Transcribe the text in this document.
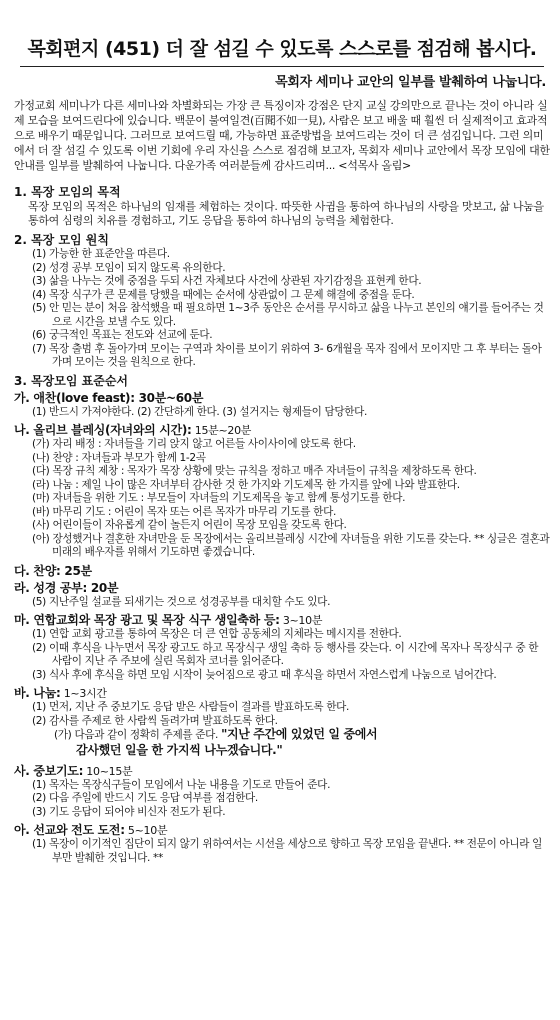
목회편지 (451) 더 잘 섬길 수 있도록 스스로를 점검해 봅시다.
목회자 세미나 교안의 일부를 발췌하여 나눕니다.
가정교회 세미나가 다른 세미나와 차별화되는 가장 큰 특징이자 강점은 단지 교실 강의만으로 끝나는 것이 아니라 실제 모습을 보여드린다에 있습니다. 백문이 불여일견(百聞不如一見), 사람은 보고 배울 때 훨씬 더 실제적이고 효과적으로 배우기 때문입니다. 그러므로 보여드릴 때, 가능하면 표준방법을 보여드리는 것이 더 큰 섬김입니다. 그런 의미에서 더 잘 섬길 수 있도록 이번 기회에 우리 자신을 스스로 점검해 보고자, 목회자 세미나 교안에서 목장 모임에 대한 안내를 일부를 발췌하여 나눕니다. 다운가족 여러분들께 감사드리며... <석목사 올림>
1. 목장 모임의 목적
목장 모임의 목적은 하나님의 임재를 체험하는 것이다. 따뜻한 사귐을 통하여 하나님의 사랑을 맛보고, 삶 나눔을 통하여 심령의 치유를 경험하고, 기도 응답을 통하여 하나님의 능력을 체험한다.
2. 목장 모임 원칙
(1) 가능한 한 표준안을 따른다.
(2) 성경 공부 모임이 되지 않도록 유의한다.
(3) 삶을 나누는 것에 중점을 두되 사건 자체보다 사건에 상관된 자기감정을 표현케 한다.
(4) 목장 식구가 큰 문제를 당했을 때에는 순서에 상관없이 그 문제 해결에 중점을 둔다.
(5) 안 믿는 분이 처음 참석했을 때 필요하면 1~3주 동안은 순서를 무시하고 삶을 나누고 본인의 얘기를 들어주는 것으로 시간을 보낼 수도 있다.
(6) 궁극적인 목표는 전도와 선교에 둔다.
(7) 목장 출범 후 돌아가며 모이는 구역과 차이를 보이기 위하여 3- 6개월을 목자 집에서 모이지만 그 후 부터는 돌아가며 모이는 것을 원칙으로 한다.
3. 목장모임 표준순서
가. 애찬(love feast): 30분~60분
(1) 반드시 가져야한다. (2) 간단하게 한다. (3) 설거지는 형제들이 담당한다.
나. 올리브 블레싱(자녀와의 시간): 15분~20분
(가) 자리 배정 : 자녀들을 기리 앉지 않고 어른들 사이사이에 앉도록 한다.
(나) 찬양 : 자녀들과 부모가 함께 1-2곡
(다) 목장 규칙 제창 : 목자가 목장 상황에 맞는 규칙을 정하고 매주 자녀들이 규칙을 제창하도록 한다.
(라) 나눔 : 제일 나이 많은 자녀부터 감사한 것 한 가지와 기도제목 한 가지를 앞에 나와 발표한다.
(마) 자녀들을 위한 기도 : 부모들이 자녀들의 기도제목을 놓고 함께 통성기도를 한다.
(바) 마무리 기도 : 어린이 목자 또는 어른 목자가 마무리 기도를 한다.
(사) 어린이들이 자유롭게 같이 놀든지 어린이 목장 모임을 갖도록 한다.
(아) 장성했거나 결혼한 자녀만을 둔 목장에서는 올리브블레싱 시간에 자녀들을 위한 기도를 갖는다. ** 싱글은 결혼과 미래의 배우자를 위해서 기도하면 좋겠습니다.
다. 찬양: 25분
라. 성경 공부: 20분
(5) 지난주일 설교를 되새기는 것으로 성경공부를 대치할 수도 있다.
마. 연합교회와 목장 광고 및 목장 식구 생일축하 등: 3~10분
(1) 연합 교회 광고를 통하여 목장은 더 큰 연합 공동체의 지체라는 메시지를 전한다.
(2) 이때 후식을 나누면서 목장 광고도 하고 목장식구 생일 축하 등 행사를 갖는다. 이 시간에 목자나 목장식구 중 한 사람이 지난 주 주보에 실린 목회자 코너를 읽어준다.
(3) 식사 후에 후식을 하면 모임 시작이 늦어짐으로 광고 때 후식을 하면서 자연스럽게 나눔으로 넘어간다.
바. 나눔: 1~3시간
(1) 먼저, 지난 주 중보기도 응답 받은 사람들이 결과를 발표하도록 한다.
(2) 감사를 주제로 한 사람씩 돌려가며 발표하도록 한다.
(가) 다음과 같이 정확히 주제를 준다. "지난 주간에 있었던 일 중에서
감사했던 일을 한 가지씩 나누겠습니다."
사. 중보기도: 10~15분
(1) 목자는 목장식구들이 모임에서 나눈 내용을 기도로 만들어 준다.
(2) 다음 주일에 반드시 기도 응답 여부를 점검한다.
(3) 기도 응답이 되어야 비신자 전도가 된다.
아. 선교와 전도 도전: 5~10분
(1) 목장이 이기적인 집단이 되지 않기 위하여서는 시선을 세상으로 향하고 목장 모임을 끝낸다. ** 전문이 아니라 일부만 발췌한 것입니다. **
